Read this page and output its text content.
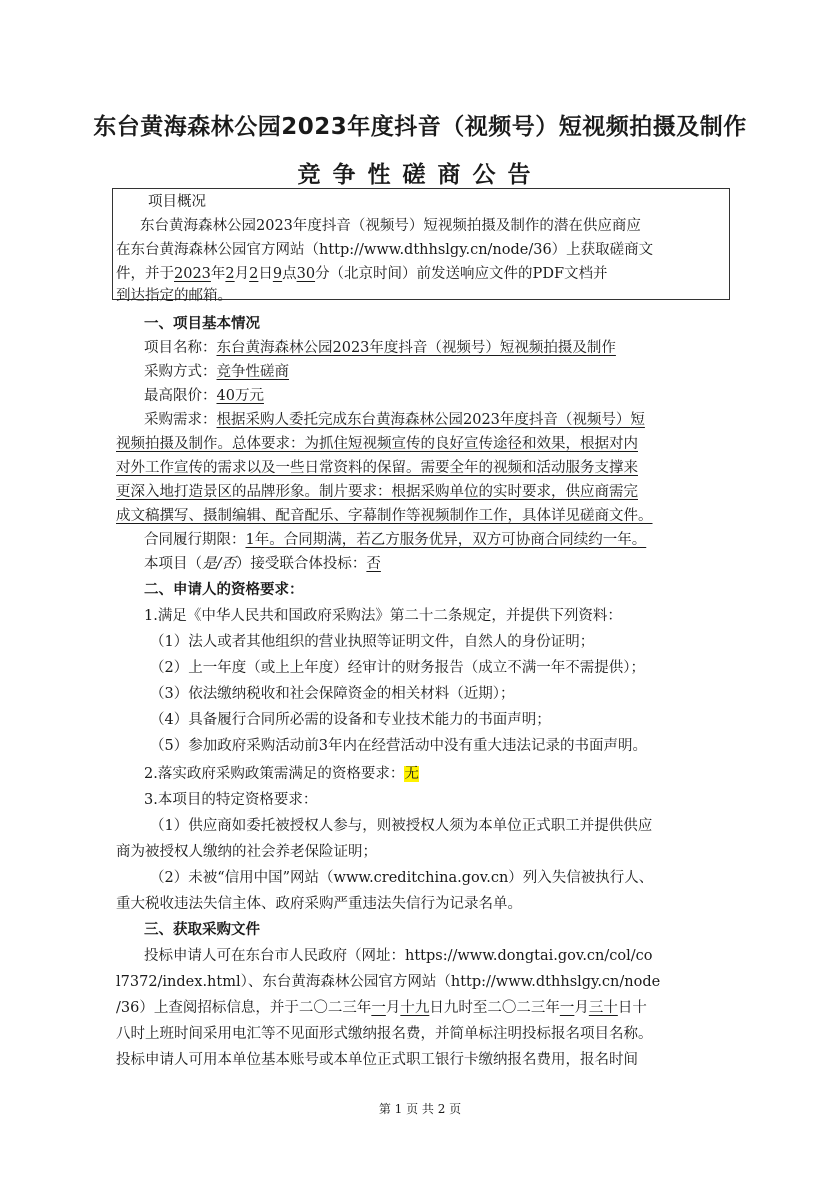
东台黄海森林公园2023年度抖音（视频号）短视频拍摄及制作
竞争性磋商公告
项目概况
东台黄海森林公园2023年度抖音（视频号）短视频拍摄及制作的潜在供应商应
在东台黄海森林公园官方网站（http://www.dthhslgy.cn/node/36）上获取磋商文
件，并于2023年2月2日9点30分（北京时间）前发送响应文件的PDF文档并
到达指定的邮箱。
一、项目基本情况
项目名称：东台黄海森林公园2023年度抖音（视频号）短视频拍摄及制作
采购方式：竞争性磋商
最高限价：40万元
采购需求：根据采购人委托完成东台黄海森林公园2023年度抖音（视频号）短
视频拍摄及制作。总体要求：为抓住短视频宣传的良好宣传途径和效果，根据对内
对外工作宣传的需求以及一些日常资料的保留。需要全年的视频和活动服务支撑来
更深入地打造景区的品牌形象。制片要求：根据采购单位的实时要求，供应商需完
成文稿撰写、摄制编辑、配音配乐、字幕制作等视频制作工作，具体详见磋商文件。
合同履行期限：1年。合同期满，若乙方服务优异，双方可协商合同续约一年。
本项目（是/否）接受联合体投标：否
二、申请人的资格要求：
1.满足《中华人民共和国政府采购法》第二十二条规定，并提供下列资料：
（1）法人或者其他组织的营业执照等证明文件，自然人的身份证明；
（2）上一年度（或上上年度）经审计的财务报告（成立不满一年不需提供）；
（3）依法缴纳税收和社会保障资金的相关材料（近期）；
（4）具备履行合同所必需的设备和专业技术能力的书面声明；
（5）参加政府采购活动前3年内在经营活动中没有重大违法记录的书面声明。
2.落实政府采购政策需满足的资格要求：无
3.本项目的特定资格要求：
（1）供应商如委托被授权人参与，则被授权人须为本单位正式职工并提供供应
商为被授权人缴纳的社会养老保险证明；
（2）未被“信用中国”网站（www.creditchina.gov.cn）列入失信被执行人、
重大税收违法失信主体、政府采购严重违法失信行为记录名单。
三、获取采购文件
投标申请人可在东台市人民政府（网址：https://www.dongtai.gov.cn/col/co
l7372/index.html）、东台黄海森林公园官方网站（http://www.dthhslgy.cn/node
/36）上查阅招标信息，并于二〇二三年一月十九日九时至二〇二三年一月三十日十
八时上班时间采用电汇等不见面形式缴纳报名费，并简单标注明投标报名项目名称。
投标申请人可用本单位基本账号或本单位正式职工银行卡缴纳报名费用，报名时间
第 1 页 共 2 页
